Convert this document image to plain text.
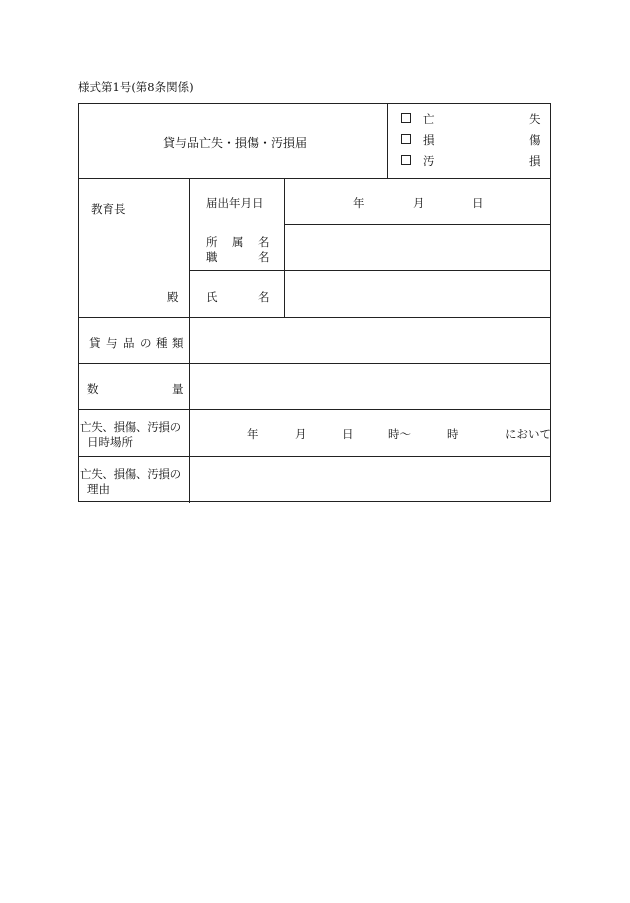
様式第1号(第8条関係)
貸与品亡失・損傷・汚損届
亡	失
損	傷
汚	損
教育長
殿
届出年月日	年	月	日
所 属 名
職	名
氏	名
貸 与 品 の 種 類
数	量
亡失、損傷、汚損の
日時場所
年	月	日	時〜	時	において
亡失、損傷、汚損の
理由
